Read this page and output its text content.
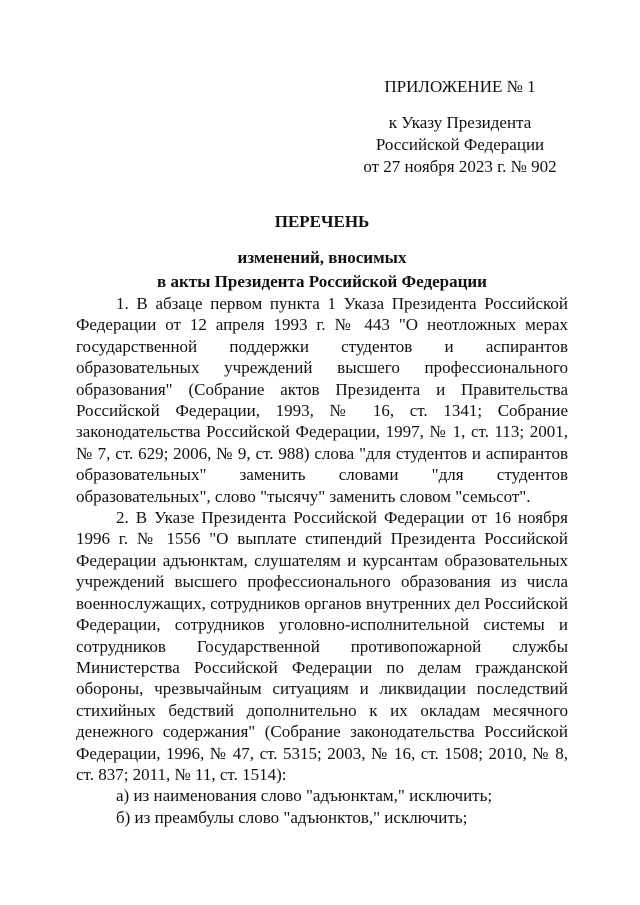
ПРИЛОЖЕНИЕ № 1
к Указу Президента
Российской Федерации
от 27 ноября 2023 г. № 902
ПЕРЕЧЕНЬ
изменений, вносимых
в акты Президента Российской Федерации

1. В абзаце первом пункта 1 Указа Президента Российской Федерации от 12 апреля 1993 г. № 443 "О неотложных мерах государственной поддержки студентов и аспирантов образовательных учреждений высшего профессионального образования" (Собрание актов Президента и Правительства Российской Федерации, 1993, № 16, ст. 1341; Собрание законодательства Российской Федерации, 1997, № 1, ст. 113; 2001, № 7, ст. 629; 2006, № 9, ст. 988) слова "для студентов и аспирантов образовательных" заменить словами "для студентов образовательных", слово "тысячу" заменить словом "семьсот".

2. В Указе Президента Российской Федерации от 16 ноября 1996 г. № 1556 "О выплате стипендий Президента Российской Федерации адъюнктам, слушателям и курсантам образовательных учреждений высшего профессионального образования из числа военнослужащих, сотрудников органов внутренних дел Российской Федерации, сотрудников уголовно-исполнительной системы и сотрудников Государственной противопожарной службы Министерства Российской Федерации по делам гражданской обороны, чрезвычайным ситуациям и ликвидации последствий стихийных бедствий дополнительно к их окладам месячного денежного содержания" (Собрание законодательства Российской Федерации, 1996, № 47, ст. 5315; 2003, № 16, ст. 1508; 2010, № 8, ст. 837; 2011, № 11, ст. 1514):

а) из наименования слово "адъюнктам," исключить;

б) из преамбулы слово "адъюнктов," исключить;
